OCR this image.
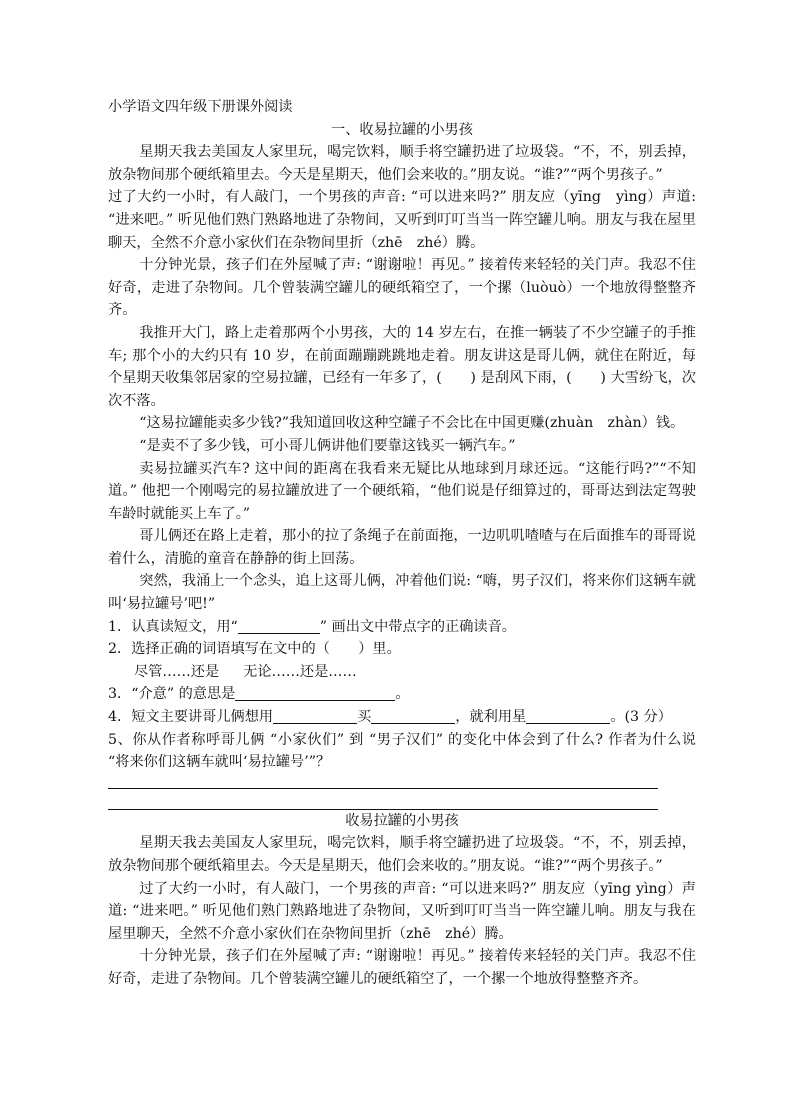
小学语文四年级下册课外阅读

一、收易拉罐的小男孩

星期天我去美国友人家里玩，喝完饮料，顺手将空罐扔进了垃圾袋。“不，不，别丢掉，放杂物间那个硬纸箱里去。今天是星期天，他们会来收的。”朋友说。“谁?”“两个男孩子。”

过了大约一小时，有人敲门，一个男孩的声音: “可以进来吗?” 朋友应（yīng　yìng）声道: “进来吧。” 听见他们熟门熟路地进了杂物间，又听到叮叮当当一阵空罐儿响。朋友与我在屋里聊天，全然不介意小家伙们在杂物间里折（zhē　zhé）腾。

十分钟光景，孩子们在外屋喊了声: “谢谢啦！再见。” 接着传来轻轻的关门声。我忍不住好奇，走进了杂物间。几个曾装满空罐儿的硬纸箱空了，一个摞（luòuò）一个地放得整整齐齐。

我推开大门，路上走着那两个小男孩，大的 14 岁左右，在推一辆装了不少空罐子的手推车; 那个小的大约只有 10 岁，在前面蹦蹦跳跳地走着。朋友讲这是哥儿俩，就住在附近，每个星期天收集邻居家的空易拉罐，已经有一年多了，(　　) 是刮风下雨，(　　) 大雪纷飞，次次不落。

“这易拉罐能卖多少钱?”我知道回收这种空罐子不会比在中国更赚(zhuàn　zhàn）钱。

“是卖不了多少钱，可小哥儿俩讲他们要靠这钱买一辆汽车。”

卖易拉罐买汽车? 这中间的距离在我看来无疑比从地球到月球还远。“这能行吗?”“不知道。” 他把一个刚喝完的易拉罐放进了一个硬纸箱，“他们说是仔细算过的，哥哥达到法定驾驶车龄时就能买上车了。”

哥儿俩还在路上走着，那小的拉了条绳子在前面拖，一边叽叽喳喳与在后面推车的哥哥说着什么，清脆的童音在静静的街上回荡。

突然，我涌上一个念头，追上这哥儿俩，冲着他们说: “嗨，男子汉们，将来你们这辆车就叫‘易拉罐号’吧!”

1．认真读短文，用“	” 画出文中带点字的正确读音。

2．选择正确的词语填写在文中的（　　）里。

尽管……还是 无论……还是……

3．“介意” 的意思是	。

4．短文主要讲哥儿俩想用	买	，就利用星	。(3 分）

5、你从作者称呼哥儿俩 “小家伙们” 到 “男子汉们” 的变化中体会到了什么? 作者为什么说 “将来你们这辆车就叫‘易拉罐号’”？

收易拉罐的小男孩

星期天我去美国友人家里玩，喝完饮料，顺手将空罐扔进了垃圾袋。“不，不，别丢掉，放杂物间那个硬纸箱里去。今天是星期天，他们会来收的。”朋友说。“谁?”“两个男孩子。”

过了大约一小时，有人敲门，一个男孩的声音: “可以进来吗?” 朋友应（yīng yìng）声道: “进来吧。” 听见他们熟门熟路地进了杂物间，又听到叮叮当当一阵空罐儿响。朋友与我在屋里聊天，全然不介意小家伙们在杂物间里折（zhē　zhé）腾。

十分钟光景，孩子们在外屋喊了声: “谢谢啦！再见。” 接着传来轻轻的关门声。我忍不住好奇，走进了杂物间。几个曾装满空罐儿的硬纸箱空了，一个摞一个地放得整整齐齐。
